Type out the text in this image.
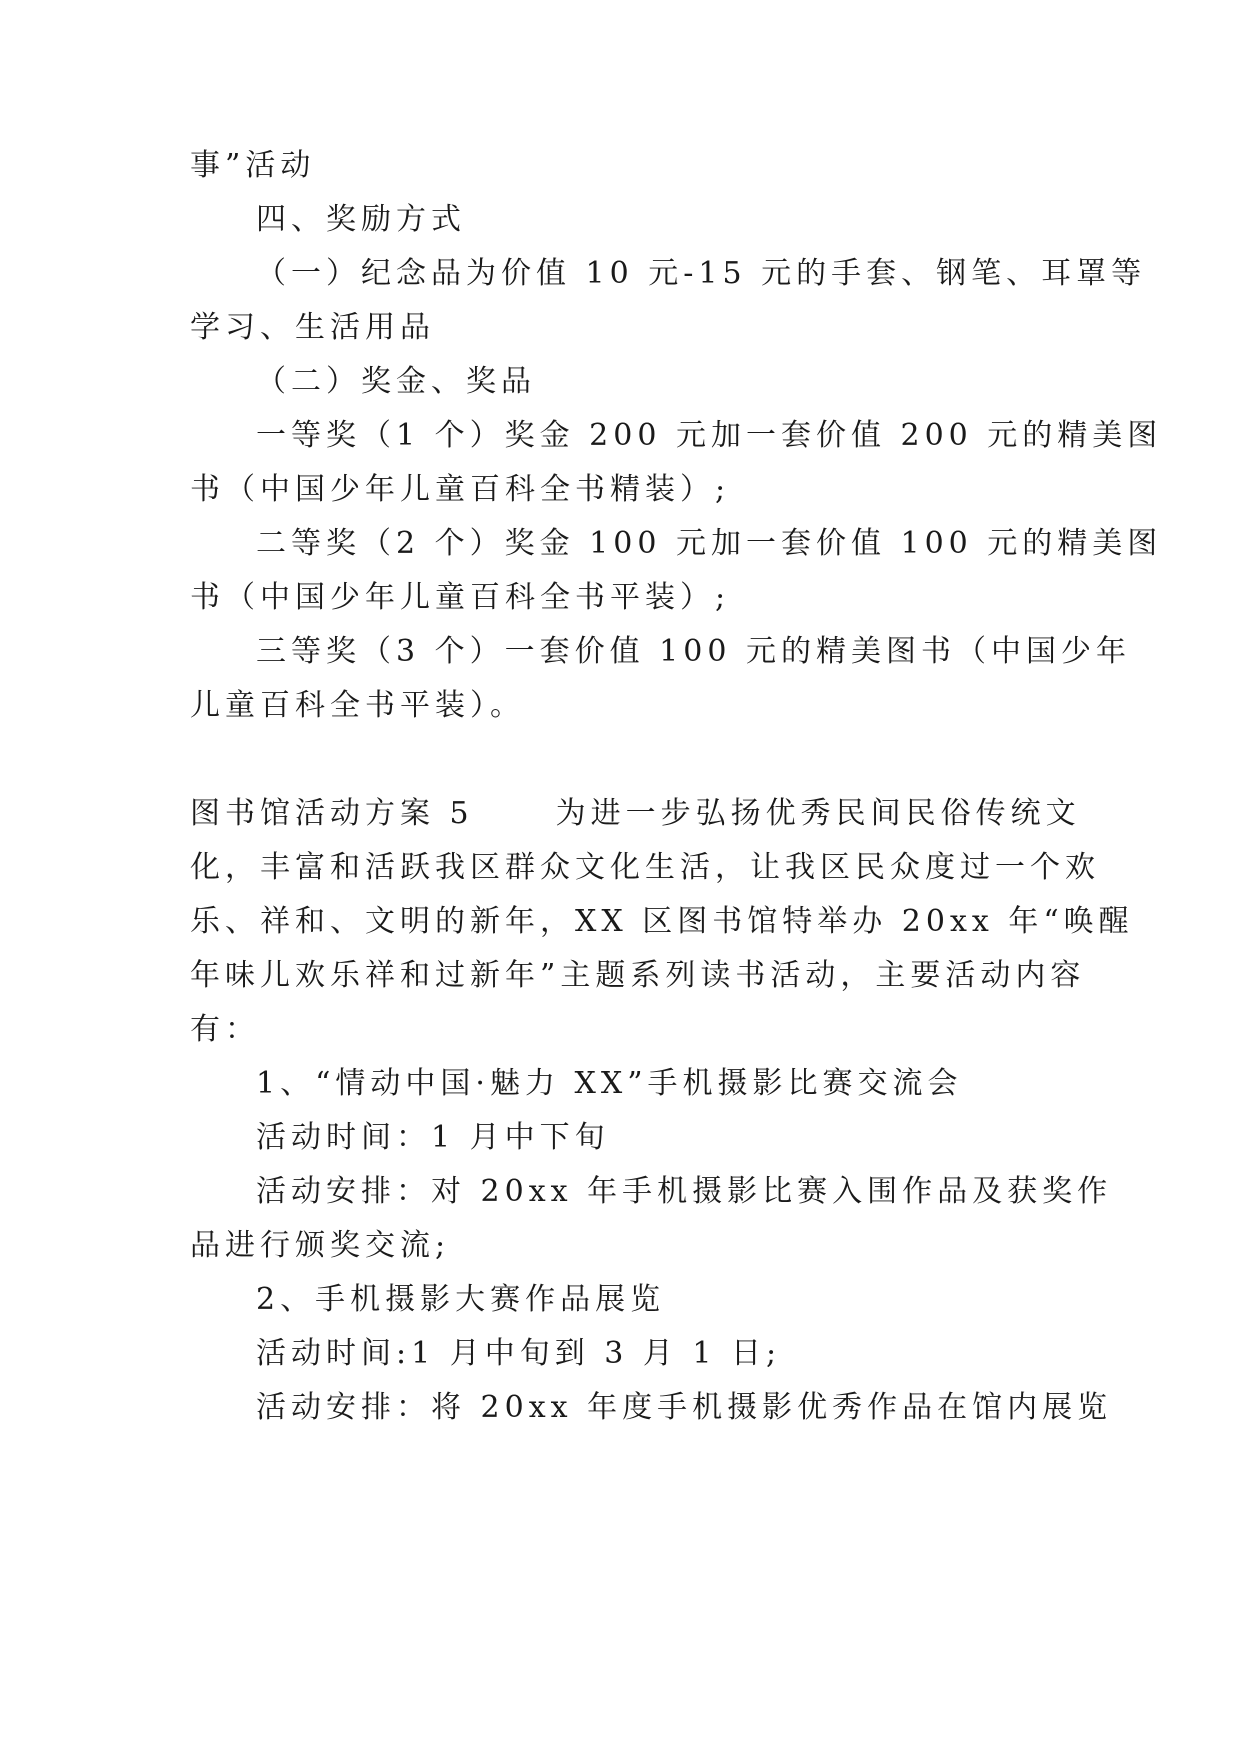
事”活动
四、奖励方式
（一）纪念品为价值 10 元-15 元的手套、钢笔、耳罩等
学习、生活用品
（二）奖金、奖品
一等奖（1 个）奖金 200 元加一套价值 200 元的精美图
书（中国少年儿童百科全书精装）;
二等奖（2 个）奖金 100 元加一套价值 100 元的精美图
书（中国少年儿童百科全书平装）;
三等奖（3 个）一套价值 100 元的精美图书（中国少年
儿童百科全书平装）。
图书馆活动方案 5	为进一步弘扬优秀民间民俗传统文
化，丰富和活跃我区群众文化生活，让我区民众度过一个欢
乐、祥和、文明的新年，XX 区图书馆特举办 20xx 年“唤醒
年味儿欢乐祥和过新年”主题系列读书活动，主要活动内容
有：
1、“情动中国·魅力 XX”手机摄影比赛交流会
活动时间：1 月中下旬
活动安排：对 20xx 年手机摄影比赛入围作品及获奖作
品进行颁奖交流;
2、手机摄影大赛作品展览
活动时间:1 月中旬到 3 月 1 日;
活动安排：将 20xx 年度手机摄影优秀作品在馆内展览
